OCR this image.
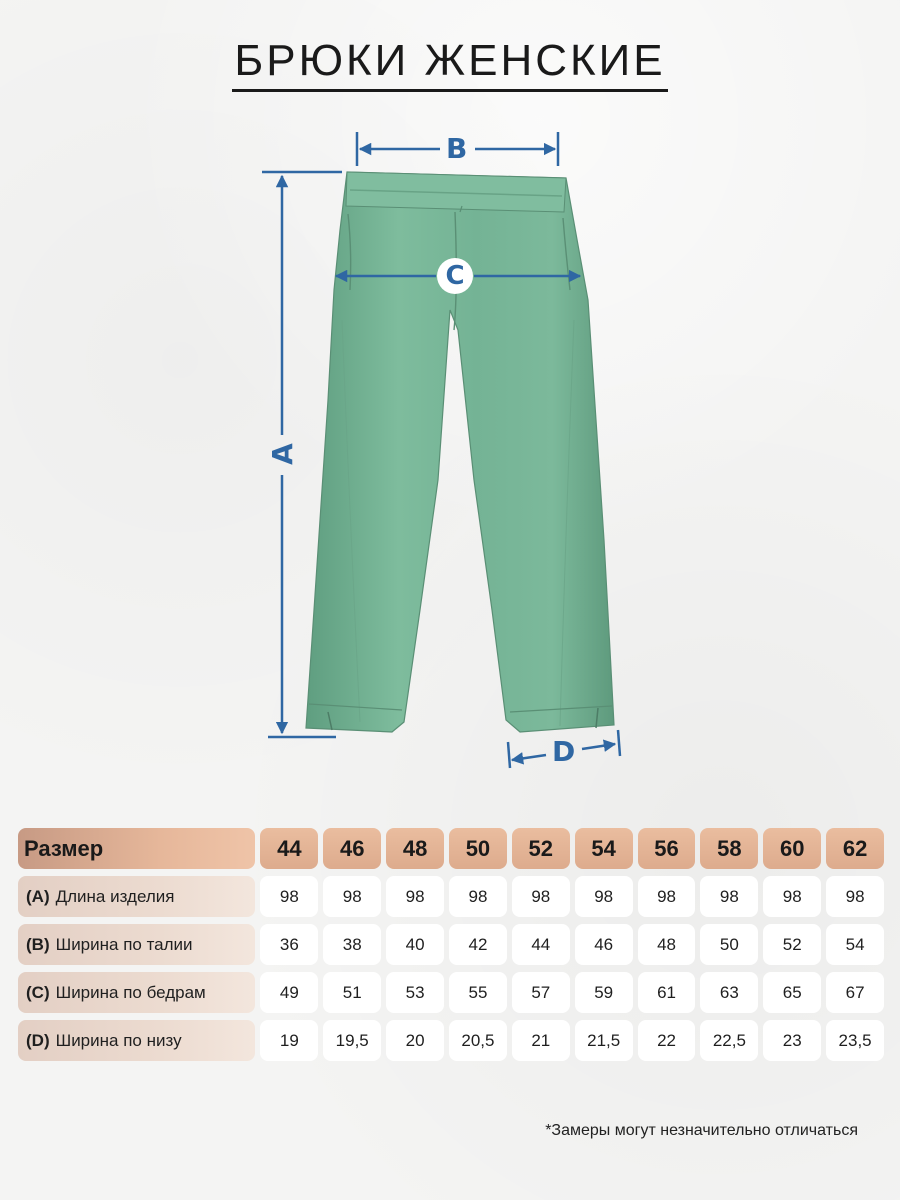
БРЮКИ ЖЕНСКИЕ
B
C
A
D
Размер	44	46	48	50	52	54	56	58	60	62
(A) Длина изделия	98	98	98	98	98	98	98	98	98	98
(B) Ширина по талии	36	38	40	42	44	46	48	50	52	54
(C) Ширина по бедрам	49	51	53	55	57	59	61	63	65	67
(D) Ширина по низу	19	19,5	20	20,5	21	21,5	22	22,5	23	23,5
*Замеры могут незначительно отличаться
